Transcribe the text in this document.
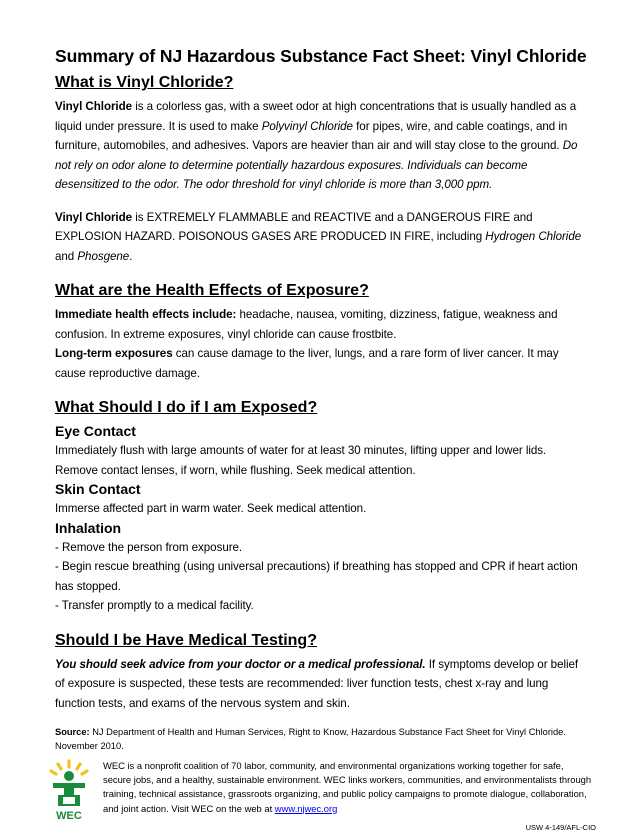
Summary of NJ Hazardous Substance Fact Sheet: Vinyl Chloride
What is Vinyl Chloride?

Vinyl Chloride is a colorless gas, with a sweet odor at high concentrations that is usually handled as a liquid under pressure. It is used to make Polyvinyl Chloride for pipes, wire, and cable coatings, and in furniture, automobiles, and adhesives. Vapors are heavier than air and will stay close to the ground. Do not rely on odor alone to determine potentially hazardous exposures. Individuals can become desensitized to the odor. The odor threshold for vinyl chloride is more than 3,000 ppm.

Vinyl Chloride is EXTREMELY FLAMMABLE and REACTIVE and a DANGEROUS FIRE and EXPLOSION HAZARD. POISONOUS GASES ARE PRODUCED IN FIRE, including Hydrogen Chloride and Phosgene.

What are the Health Effects of Exposure?

Immediate health effects include: headache, nausea, vomiting, dizziness, fatigue, weakness and confusion. In extreme exposures, vinyl chloride can cause frostbite.

Long-term exposures can cause damage to the liver, lungs, and a rare form of liver cancer. It may cause reproductive damage.

What Should I do if I am Exposed?
Eye Contact

Immediately flush with large amounts of water for at least 30 minutes, lifting upper and lower lids. Remove contact lenses, if worn, while flushing. Seek medical attention.

Skin Contact

Immerse affected part in warm water. Seek medical attention.

Inhalation

- Remove the person from exposure.

- Begin rescue breathing (using universal precautions) if breathing has stopped and CPR if heart action has stopped.

- Transfer promptly to a medical facility.

Should I be Have Medical Testing?

You should seek advice from your doctor or a medical professional. If symptoms develop or belief of exposure is suspected, these tests are recommended: liver function tests, chest x-ray and lung function tests, and exams of the nervous system and skin.

Source: NJ Department of Health and Human Services, Right to Know, Hazardous Substance Fact Sheet for Vinyl Chloride. November 2010.
WEC
WEC is a nonprofit coalition of 70 labor, community, and environmental organizations working together for safe, secure jobs, and a healthy, sustainable environment. WEC links workers, communities, and environmentalists through training, technical assistance, grassroots organizing, and public policy campaigns to promote dialogue, collaboration, and joint action. Visit WEC on the web at www.njwec.org
USW 4-149/AFL-CIO
